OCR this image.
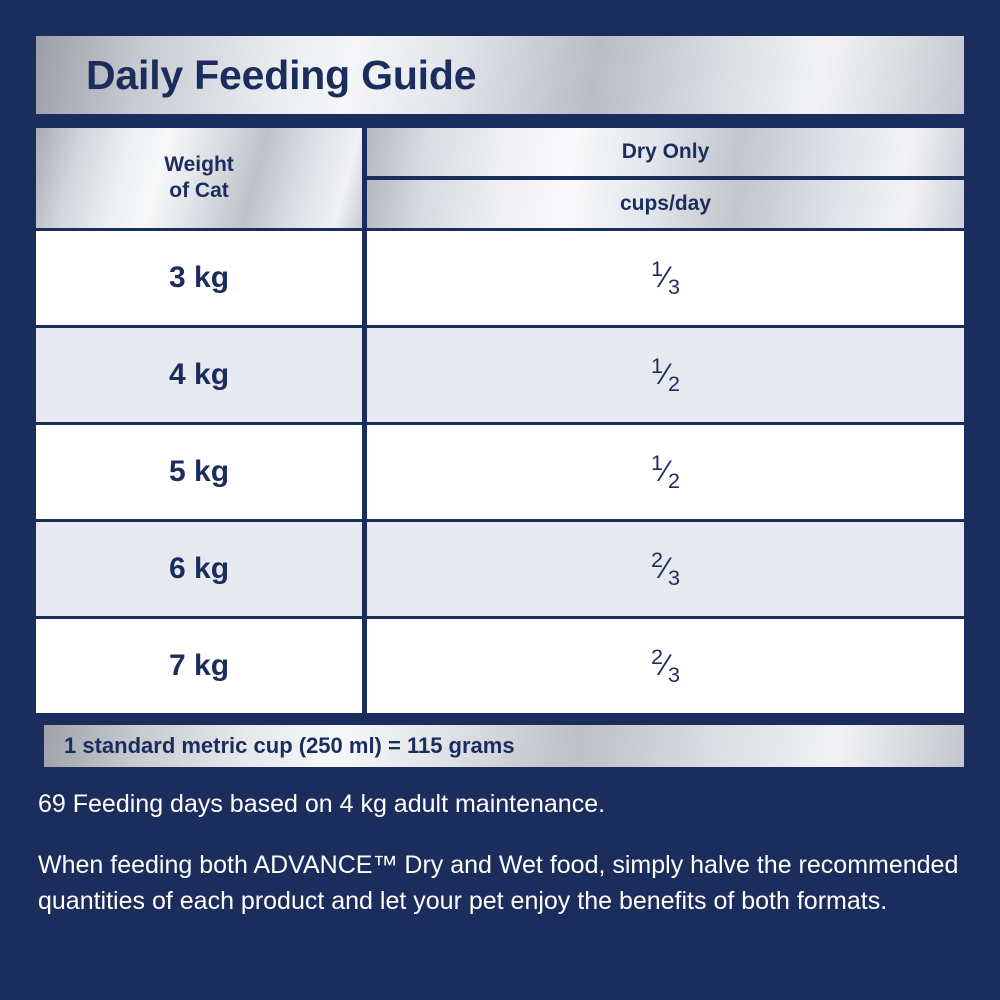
Daily Feeding Guide
Weight
of Cat	
Dry Only
cups/day

3 kg	$^1⁄_3$
4 kg	$^1⁄_2$
5 kg	$^1⁄_2$
6 kg	$^2⁄_3$
7 kg	$^2⁄_3$
1 standard metric cup (250 ml) = 115 grams
69 Feeding days based on 4 kg adult maintenance.
When feeding both ADVANCE™ Dry and Wet food, simply halve the recommended quantities of each product and let your pet enjoy the benefits of both formats.
